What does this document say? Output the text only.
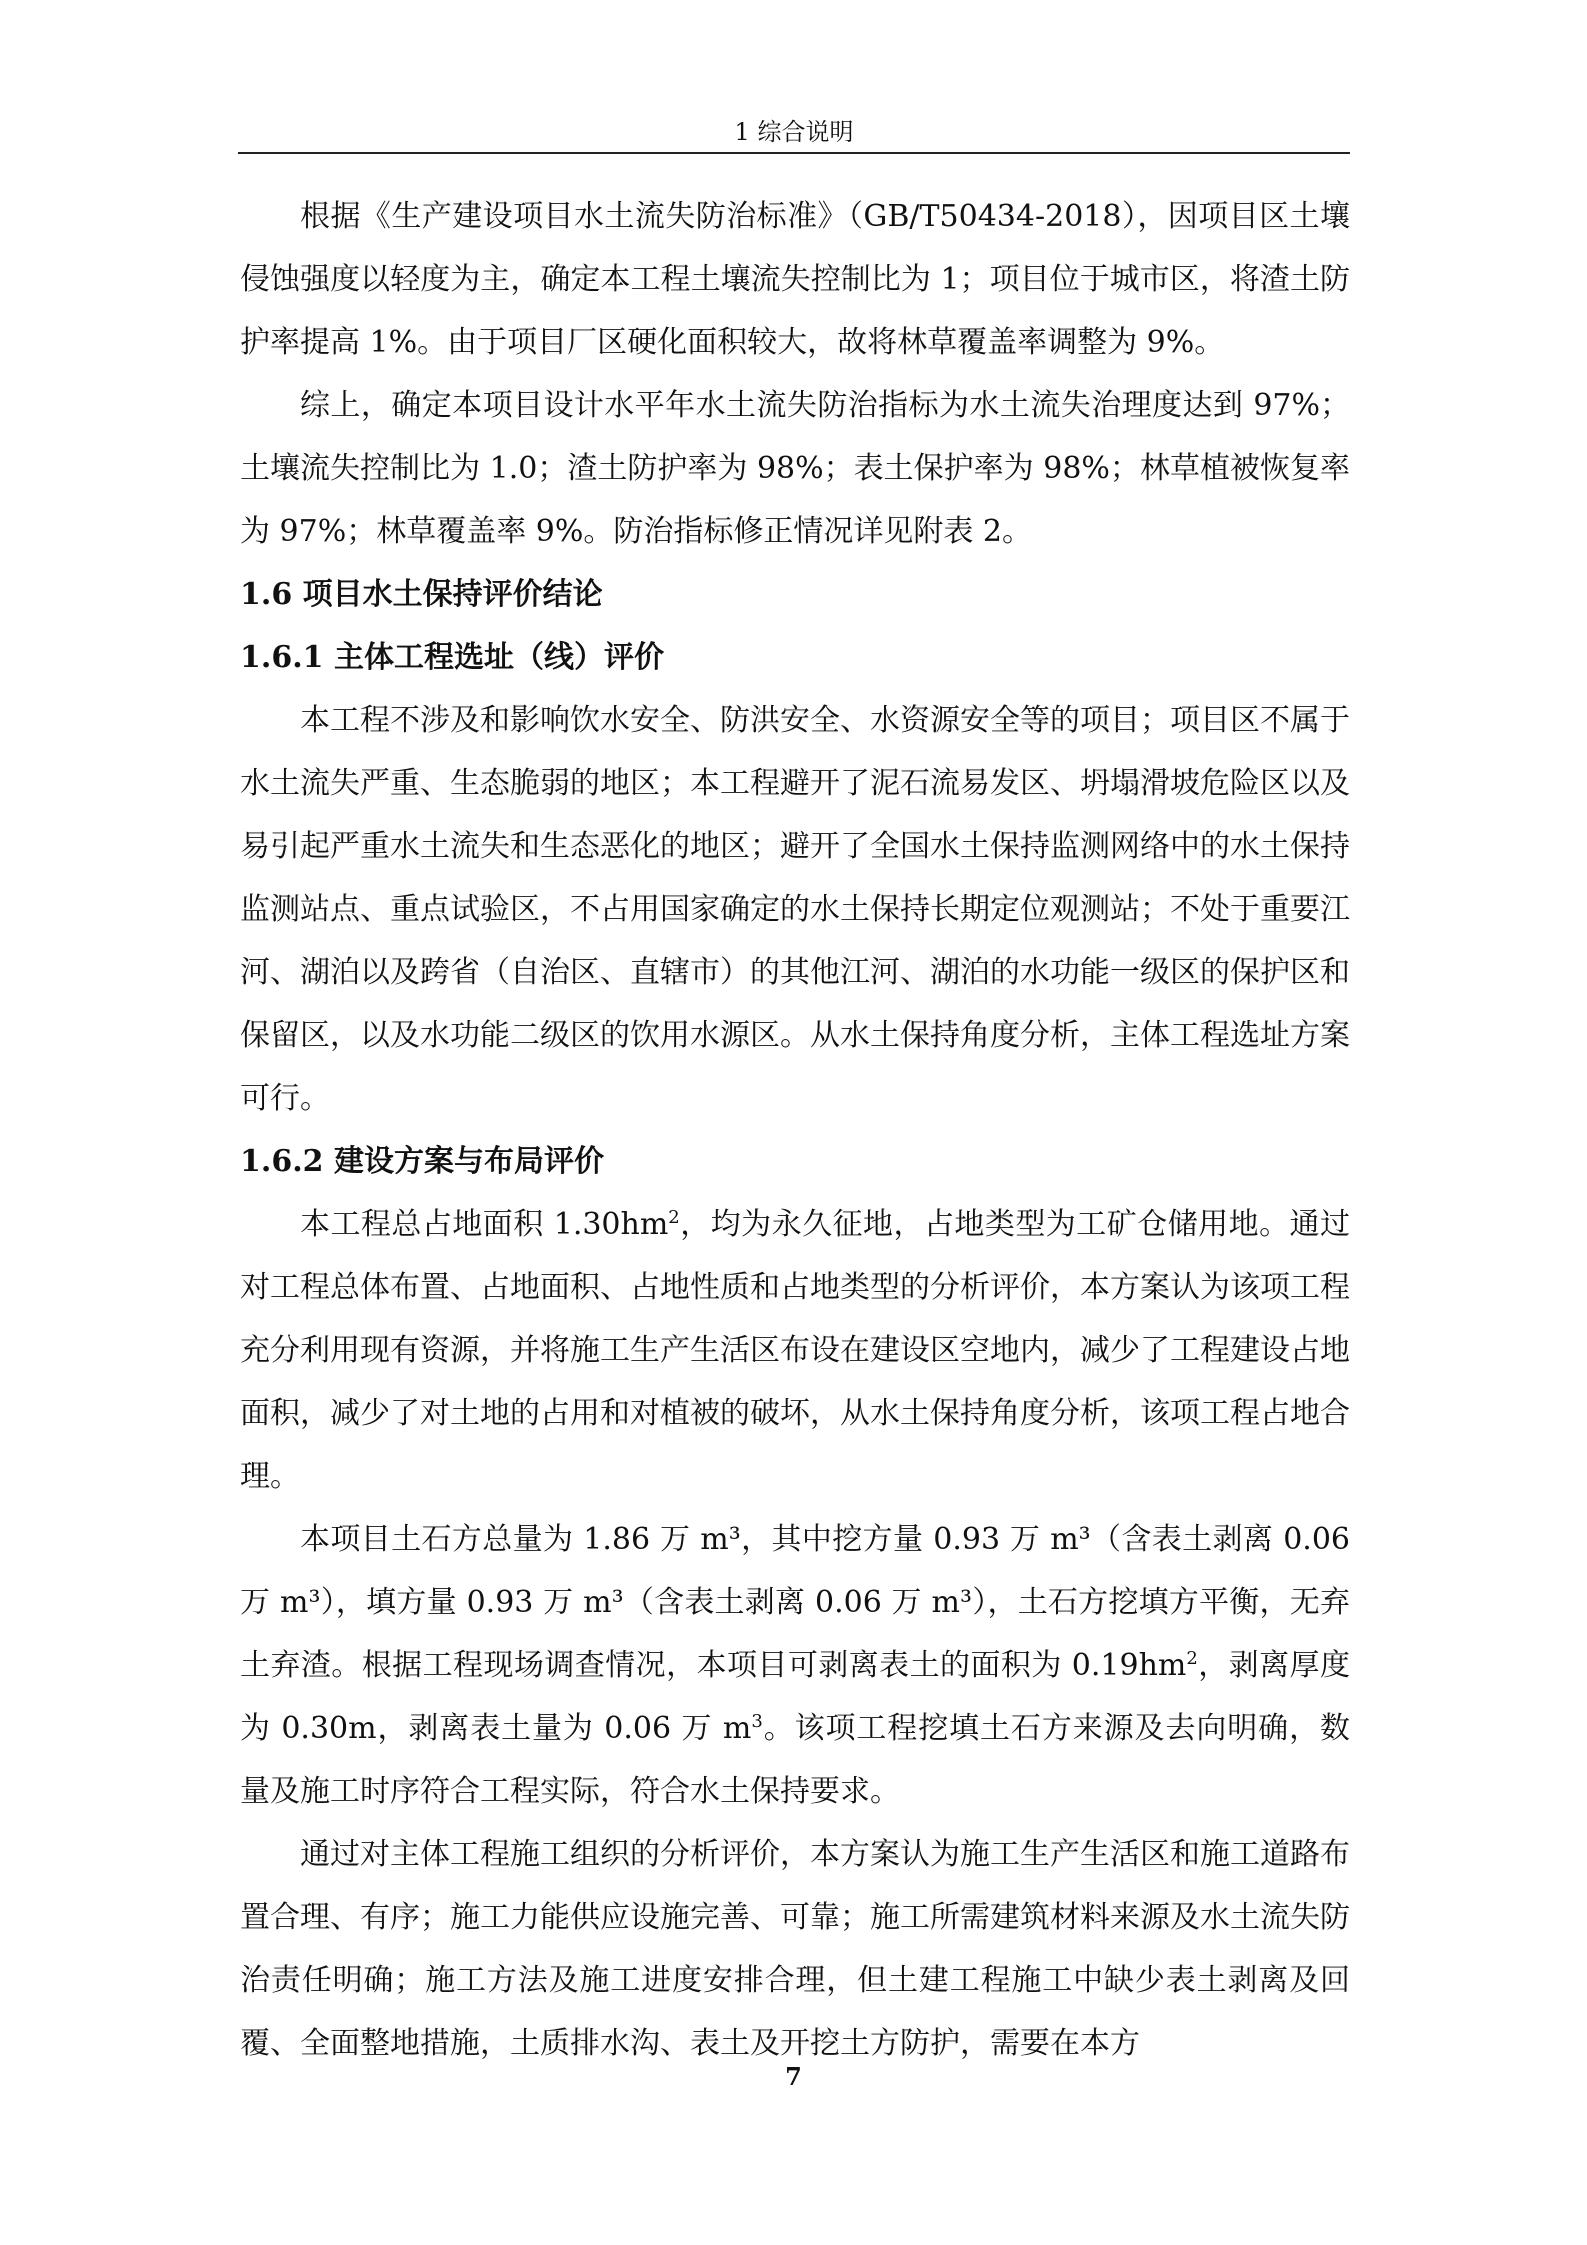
1 综合说明

根据《生产建设项目水土流失防治标准》（GB/T50434-2018），因项目区土壤侵蚀强度以轻度为主，确定本工程土壤流失控制比为 1；项目位于城市区，将渣土防护率提高 1%。由于项目厂区硬化面积较大，故将林草覆盖率调整为 9%。

综上，确定本项目设计水平年水土流失防治指标为水土流失治理度达到 97%；土壤流失控制比为 1.0；渣土防护率为 98%；表土保护率为 98%；林草植被恢复率为 97%；林草覆盖率 9%。防治指标修正情况详见附表 2。

1.6 项目水土保持评价结论
1.6.1 主体工程选址（线）评价

本工程不涉及和影响饮水安全、防洪安全、水资源安全等的项目；项目区不属于水土流失严重、生态脆弱的地区；本工程避开了泥石流易发区、坍塌滑坡危险区以及易引起严重水土流失和生态恶化的地区；避开了全国水土保持监测网络中的水土保持监测站点、重点试验区，不占用国家确定的水土保持长期定位观测站；不处于重要江河、湖泊以及跨省（自治区、直辖市）的其他江河、湖泊的水功能一级区的保护区和保留区，以及水功能二级区的饮用水源区。从水土保持角度分析，主体工程选址方案可行。

1.6.2 建设方案与布局评价

本工程总占地面积 $1.30hm^2$，均为永久征地，占地类型为工矿仓储用地。通过对工程总体布置、占地面积、占地性质和占地类型的分析评价，本方案认为该项工程充分利用现有资源，并将施工生产生活区布设在建设区空地内，减少了工程建设占地面积，减少了对土地的占用和对植被的破坏，从水土保持角度分析，该项工程占地合理。

本项目土石方总量为 1.86 万 m³，其中挖方量 0.93 万 m³（含表土剥离 0.06 万 m³），填方量 0.93 万 m³（含表土剥离 0.06 万 m³），土石方挖填方平衡，无弃土弃渣。根据工程现场调查情况，本项目可剥离表土的面积为 $0.19hm^2$，剥离厚度为 0.30m，剥离表土量为 0.06 万 $m^3$。该项工程挖填土石方来源及去向明确，数量及施工时序符合工程实际，符合水土保持要求。

通过对主体工程施工组织的分析评价，本方案认为施工生产生活区和施工道路布置合理、有序；施工力能供应设施完善、可靠；施工所需建筑材料来源及水土流失防治责任明确；施工方法及施工进度安排合理，但土建工程施工中缺少表土剥离及回覆、全面整地措施，土质排水沟、表土及开挖土方防护，需要在本方

7
